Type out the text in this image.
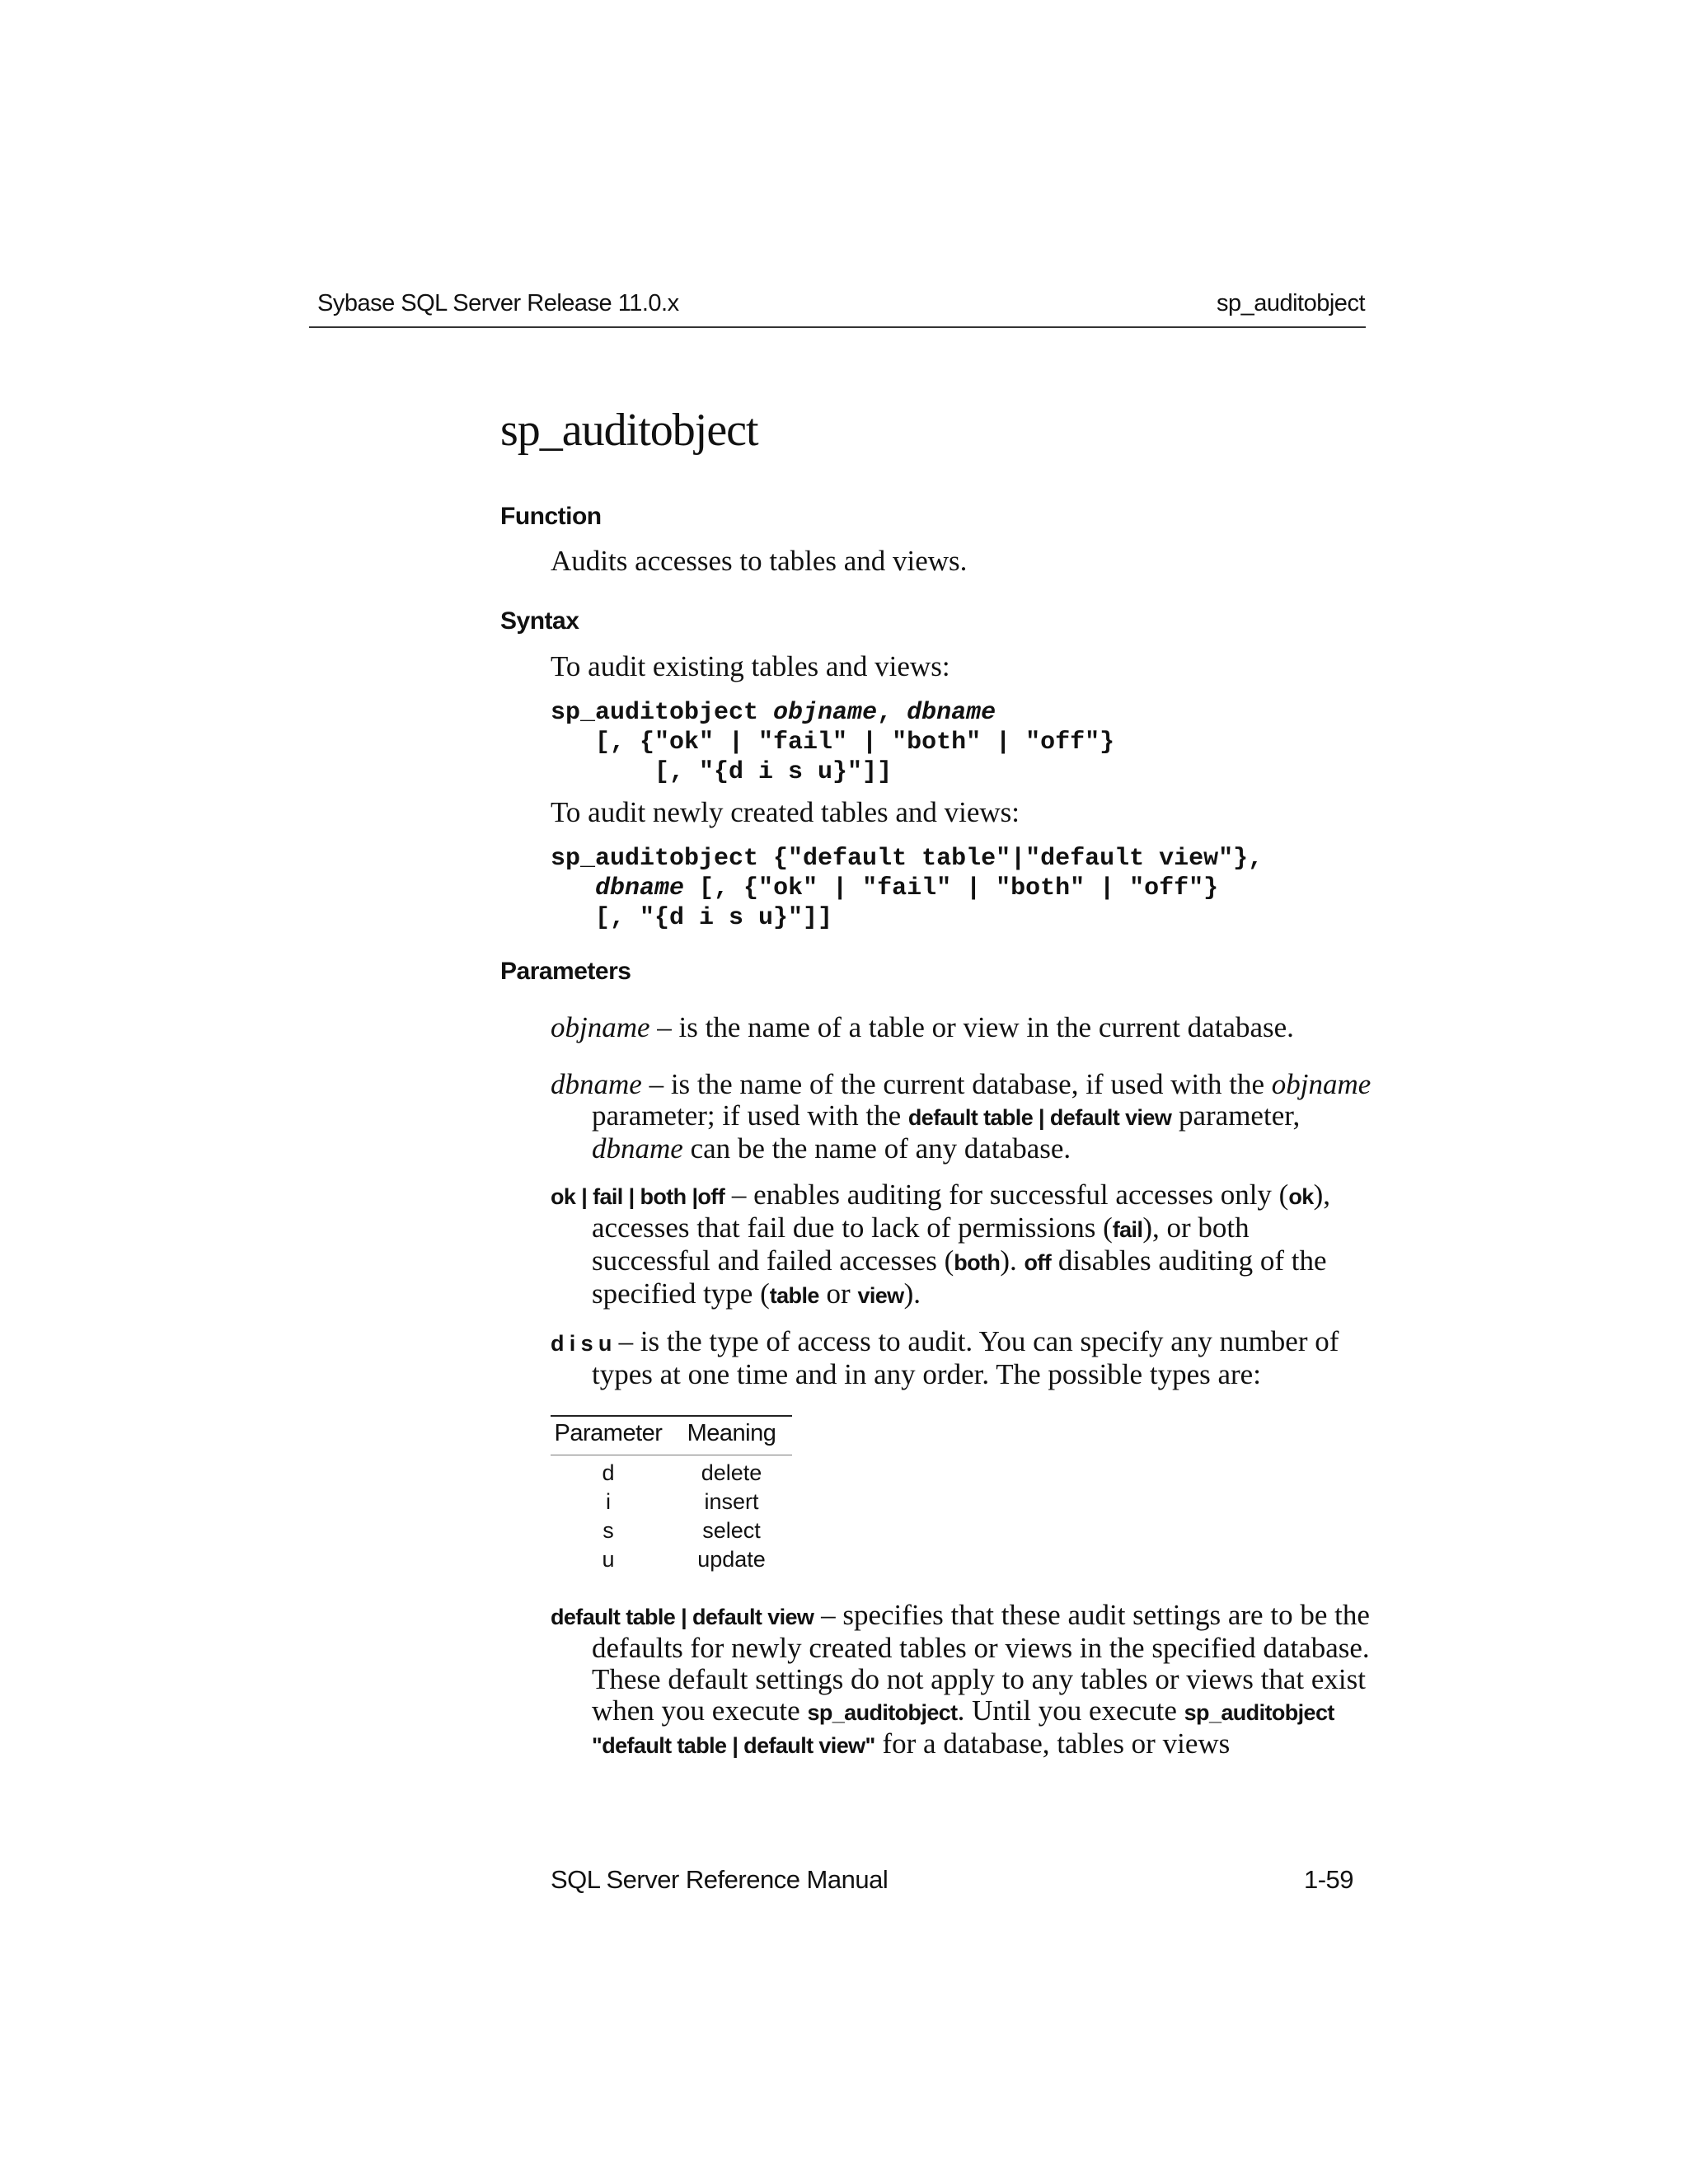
Sybase SQL Server Release 11.0.x	sp_auditobject
sp_auditobject
Function
Audits accesses to tables and views.
Syntax
To audit existing tables and views:
sp_auditobject objname, dbname
[, {"ok" | "fail" | "both" | "off"}
[, "{d i s u}"]]
To audit newly created tables and views:
sp_auditobject {"default table"|"default view"},
dbname [, {"ok" | "fail" | "both" | "off"}
[, "{d i s u}"]]
Parameters

objname – is the name of a table or view in the current database.

dbname – is the name of the current database, if used with the objname parameter; if used with the default table | default view parameter, dbname can be the name of any database.

ok | fail | both |off – enables auditing for successful accesses only (ok), accesses that fail due to lack of permissions (fail), or both successful and failed accesses (both). off disables auditing of the specified type (table or view).

d i s u – is the type of access to audit. You can specify any number of types at one time and in any order. The possible types are:

Parameter	Meaning
d	delete
i	insert
s	select
u	update

default table | default view – specifies that these audit settings are to be the defaults for newly created tables or views in the specified database. These default settings do not apply to any tables or views that exist when you execute sp_auditobject. Until you execute sp_auditobject "default table | default view" for a database, tables or views

SQL Server Reference Manual	1-59
